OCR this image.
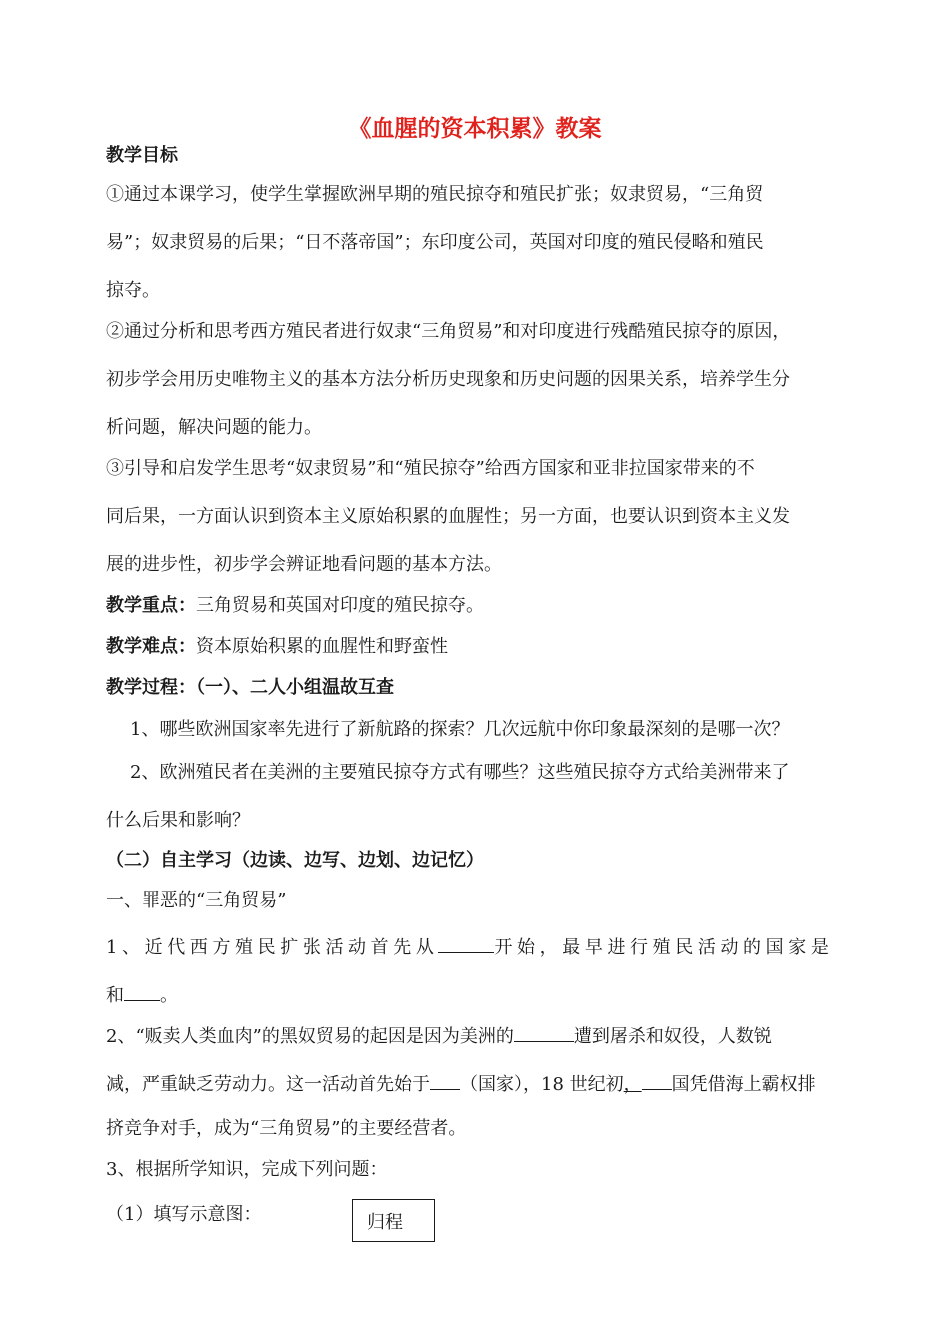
《血腥的资本积累》教案
教学目标
①通过本课学习，使学生掌握欧洲早期的殖民掠夺和殖民扩张；奴隶贸易，“三角贸
易”；奴隶贸易的后果；“日不落帝国”；东印度公司，英国对印度的殖民侵略和殖民
掠夺。
②通过分析和思考西方殖民者进行奴隶“三角贸易”和对印度进行残酷殖民掠夺的原因，
初步学会用历史唯物主义的基本方法分析历史现象和历史问题的因果关系，培养学生分
析问题，解决问题的能力。
③引导和启发学生思考“奴隶贸易”和“殖民掠夺”给西方国家和亚非拉国家带来的不
同后果，一方面认识到资本主义原始积累的血腥性；另一方面，也要认识到资本主义发
展的进步性，初步学会辨证地看问题的基本方法。
教学重点：三角贸易和英国对印度的殖民掠夺。
教学难点：资本原始积累的血腥性和野蛮性
教学过程：（一）、二人小组温故互查
1、哪些欧洲国家率先进行了新航路的探索？几次远航中你印象最深刻的是哪一次？
2、欧洲殖民者在美洲的主要殖民掠夺方式有哪些？这些殖民掠夺方式给美洲带来了
什么后果和影响？
（二）自主学习（边读、边写、边划、边记忆）
一、罪恶的“三角贸易”
1、近代西方殖民扩张活动首先从	开始，最早进行殖民活动的国家是
和 。
2、“贩卖人类血肉”的黑奴贸易的起因是因为美洲的	遭到屠杀和奴役，人数锐
减，严重缺乏劳动力。这一活动首先始于 （国家），18 世纪初， 国凭借海上霸权排
挤竞争对手，成为“三角贸易”的主要经营者。
3、根据所学知识，完成下列问题：
（1）填写示意图：	归程
